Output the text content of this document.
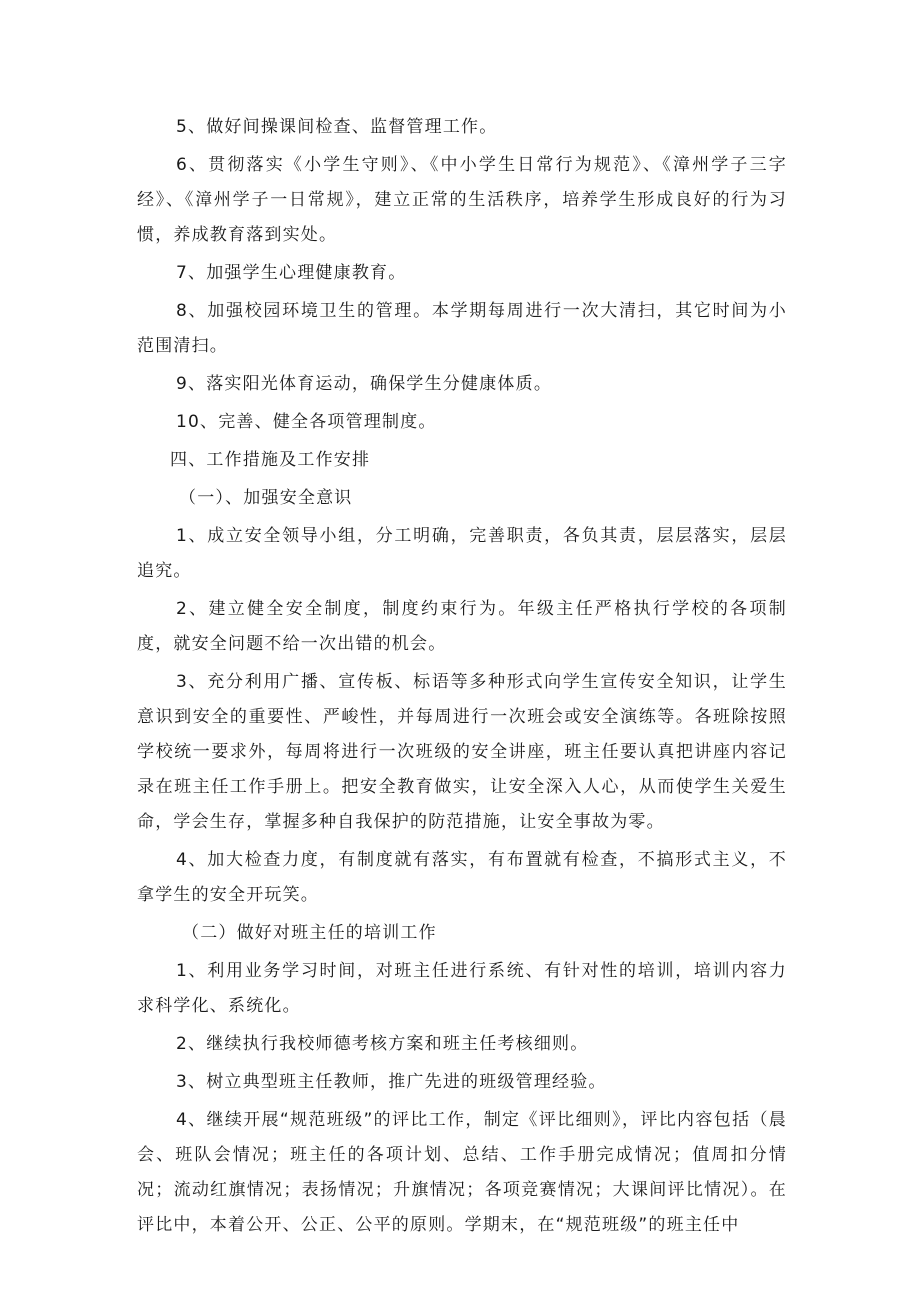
5、做好间操课间检查、监督管理工作。

6、贯彻落实《小学生守则》、《中小学生日常行为规范》、《漳州学子三字经》、《漳州学子一日常规》，建立正常的生活秩序，培养学生形成良好的行为习惯，养成教育落到实处。

7、加强学生心理健康教育。

8、加强校园环境卫生的管理。本学期每周进行一次大清扫，其它时间为小范围清扫。

9、落实阳光体育运动，确保学生分健康体质。

10、完善、健全各项管理制度。

四、工作措施及工作安排

（一）、加强安全意识

1、成立安全领导小组，分工明确，完善职责，各负其责，层层落实，层层追究。

2、建立健全安全制度，制度约束行为。年级主任严格执行学校的各项制度，就安全问题不给一次出错的机会。

3、充分利用广播、宣传板、标语等多种形式向学生宣传安全知识，让学生意识到安全的重要性、严峻性，并每周进行一次班会或安全演练等。各班除按照学校统一要求外，每周将进行一次班级的安全讲座，班主任要认真把讲座内容记录在班主任工作手册上。把安全教育做实，让安全深入人心，从而使学生关爱生命，学会生存，掌握多种自我保护的防范措施，让安全事故为零。

4、加大检查力度，有制度就有落实，有布置就有检查，不搞形式主义，不拿学生的安全开玩笑。

（二）做好对班主任的培训工作

1、利用业务学习时间，对班主任进行系统、有针对性的培训，培训内容力求科学化、系统化。

2、继续执行我校师德考核方案和班主任考核细则。

3、树立典型班主任教师，推广先进的班级管理经验。

4、继续开展“规范班级”的评比工作，制定《评比细则》，评比内容包括（晨会、班队会情况；班主任的各项计划、总结、工作手册完成情况；值周扣分情况；流动红旗情况；表扬情况；升旗情况；各项竞赛情况；大课间评比情况）。在评比中，本着公开、公正、公平的原则。学期末，在“规范班级”的班主任中
